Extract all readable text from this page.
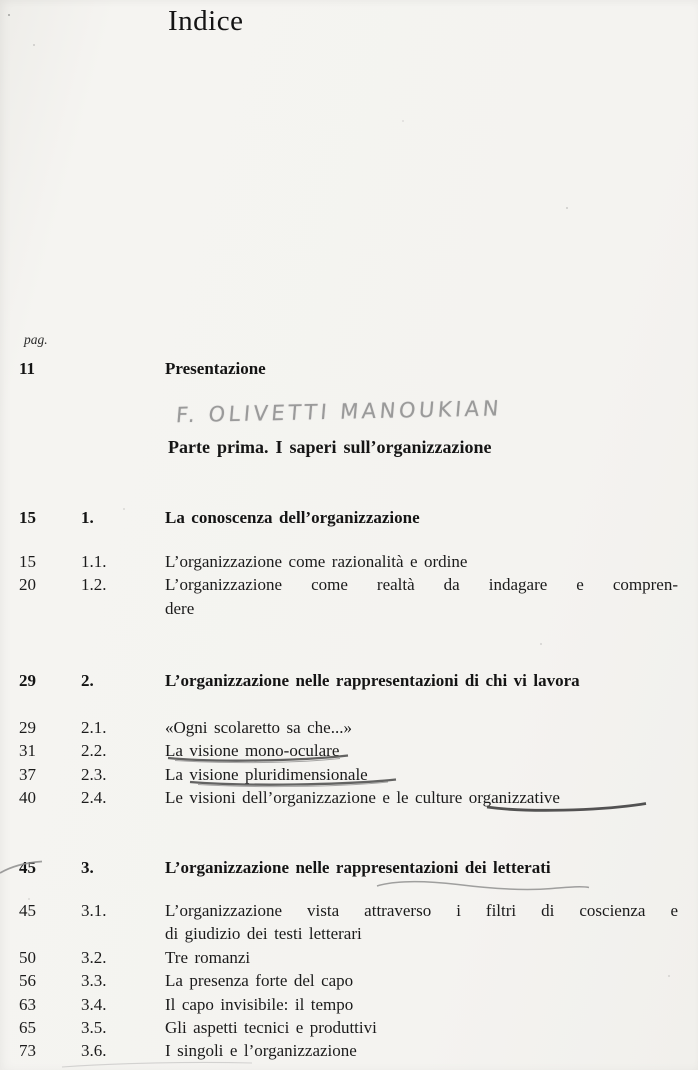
Indice
pag.
F. OLIVETTI MANOUKIAN
Parte prima. I saperi sull’organizzazione
11	Presentazione
15	1.	La conoscenza dell’organizzazione
15	1.1.	L’organizzazione come razionalità e ordine
20	1.2.	L’organizzazione come realtà da indagare e compren-
dere
29	2.	L’organizzazione nelle rappresentazioni di chi vi lavora
29	2.1.	«Ogni scolaretto sa che...»
31	2.2.	La visione mono-oculare
37	2.3.	La visione pluridimensionale
40	2.4.	Le visioni dell’organizzazione e le culture organizzative
45	3.	L’organizzazione nelle rappresentazioni dei letterati
45	3.1.	L’organizzazione vista attraverso i filtri di coscienza e
di giudizio dei testi letterari
50	3.2.	Tre romanzi
56	3.3.	La presenza forte del capo
63	3.4.	Il capo invisibile: il tempo
65	3.5.	Gli aspetti tecnici e produttivi
73	3.6.	I singoli e l’organizzazione
